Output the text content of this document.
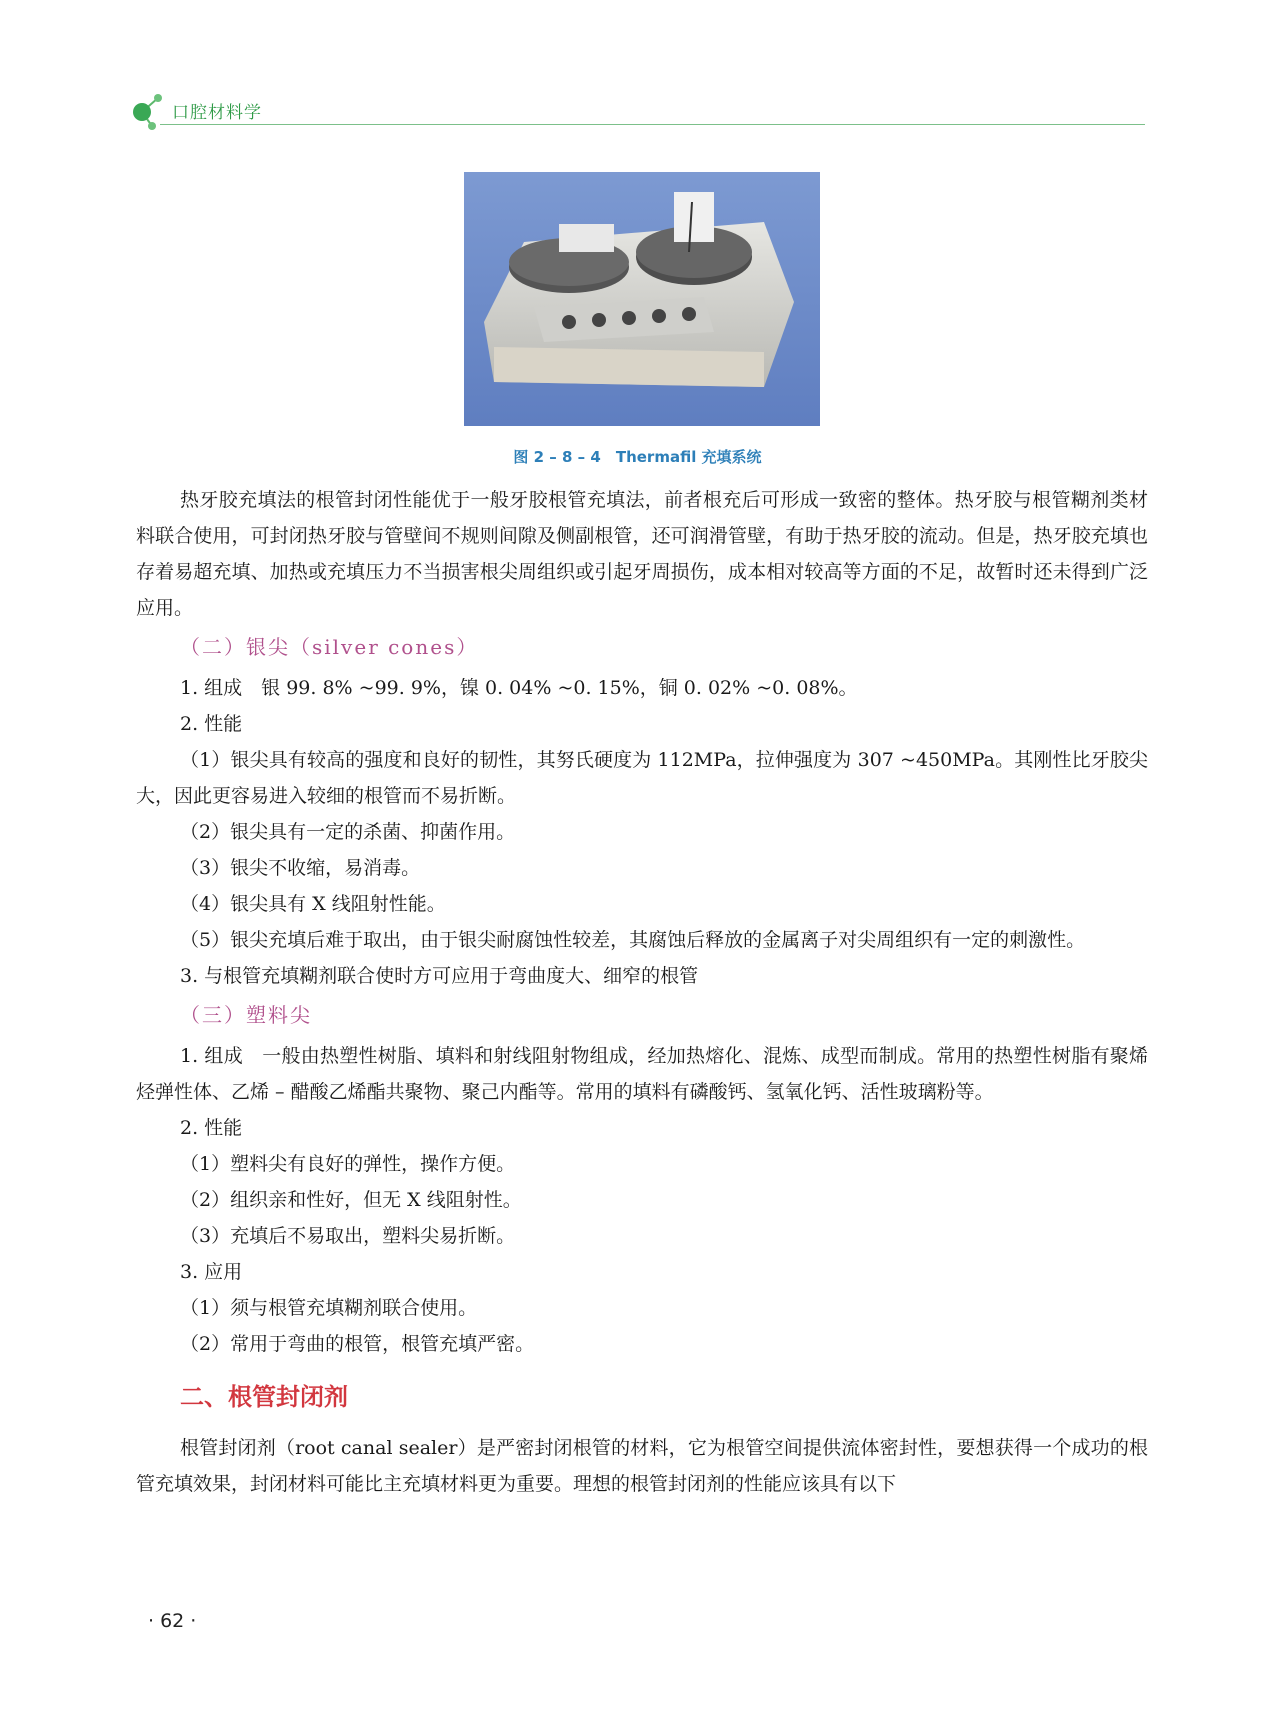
口腔材料学
图 2 – 8 – 4　Thermafil 充填系统

热牙胶充填法的根管封闭性能优于一般牙胶根管充填法，前者根充后可形成一致密的整体。热牙胶与根管糊剂类材料联合使用，可封闭热牙胶与管壁间不规则间隙及侧副根管，还可润滑管壁，有助于热牙胶的流动。但是，热牙胶充填也存着易超充填、加热或充填压力不当损害根尖周组织或引起牙周损伤，成本相对较高等方面的不足，故暂时还未得到广泛应用。

（二）银尖（silver cones）

1. 组成　银 99. 8% ~99. 9%，镍 0. 04% ~0. 15%，铜 0. 02% ~0. 08%。

2. 性能

（1）银尖具有较高的强度和良好的韧性，其努氏硬度为 112MPa，拉伸强度为 307 ~450MPa。其刚性比牙胶尖大，因此更容易进入较细的根管而不易折断。

（2）银尖具有一定的杀菌、抑菌作用。

（3）银尖不收缩，易消毒。

（4）银尖具有 X 线阻射性能。

（5）银尖充填后难于取出，由于银尖耐腐蚀性较差，其腐蚀后释放的金属离子对尖周组织有一定的刺激性。

3. 与根管充填糊剂联合使时方可应用于弯曲度大、细窄的根管

（三）塑料尖

1. 组成　一般由热塑性树脂、填料和射线阻射物组成，经加热熔化、混炼、成型而制成。常用的热塑性树脂有聚烯烃弹性体、乙烯 – 醋酸乙烯酯共聚物、聚己内酯等。常用的填料有磷酸钙、氢氧化钙、活性玻璃粉等。

2. 性能

（1）塑料尖有良好的弹性，操作方便。

（2）组织亲和性好，但无 X 线阻射性。

（3）充填后不易取出，塑料尖易折断。

3. 应用

（1）须与根管充填糊剂联合使用。

（2）常用于弯曲的根管，根管充填严密。

二、根管封闭剂

根管封闭剂（root canal sealer）是严密封闭根管的材料，它为根管空间提供流体密封性，要想获得一个成功的根管充填效果，封闭材料可能比主充填材料更为重要。理想的根管封闭剂的性能应该具有以下

· 62 ·
